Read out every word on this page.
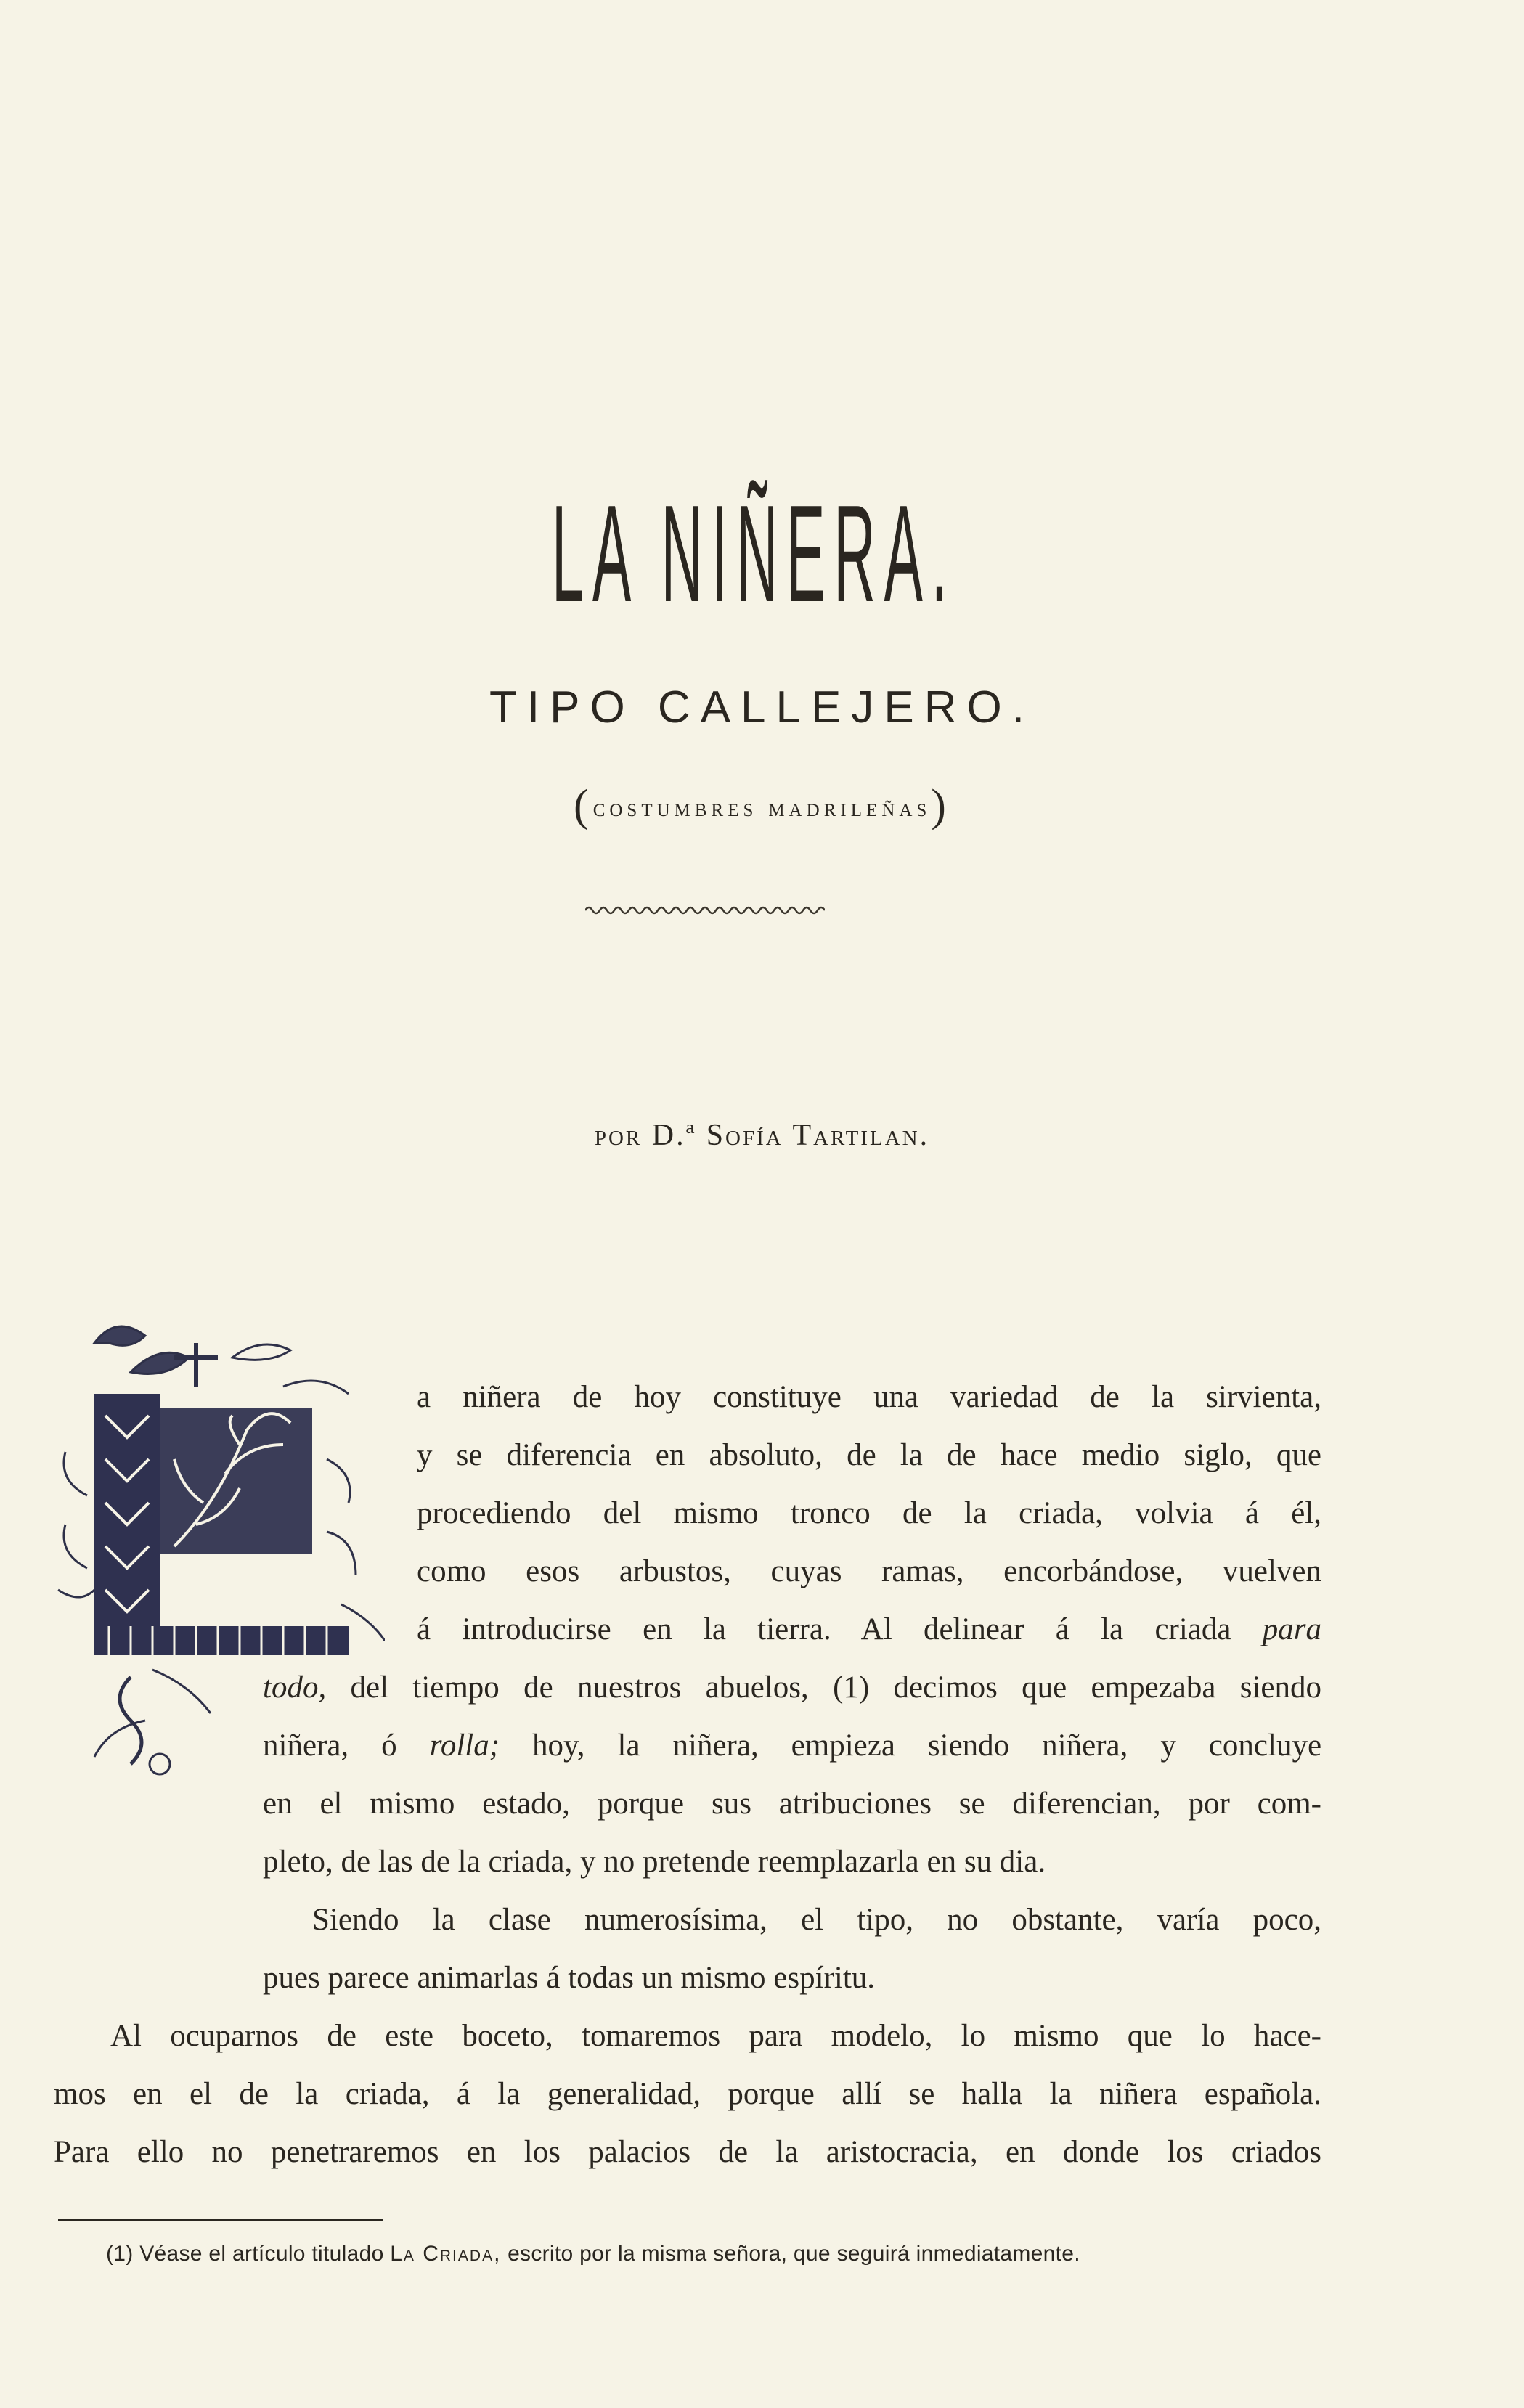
LA NIÑERA.
TIPO CALLEJERO.
(costumbres madrileñas)
por D.ª Sofía Tartilan.
a niñera de hoy constituye una variedad de la sirvienta,
y se diferencia en absoluto, de la de hace medio siglo, que
procediendo del mismo tronco de la criada, volvia á él,
como esos arbustos, cuyas ramas, encorbándose, vuelven
á introducirse en la tierra. Al delinear á la criada para
todo, del tiempo de nuestros abuelos, (1) decimos que empezaba siendo
niñera, ó rolla; hoy, la niñera, empieza siendo niñera, y concluye
en el mismo estado, porque sus atribuciones se diferencian, por com-
pleto, de las de la criada, y no pretende reemplazarla en su dia.
Siendo la clase numerosísima, el tipo, no obstante, varía poco,
pues parece animarlas á todas un mismo espíritu.
Al ocuparnos de este boceto, tomaremos para modelo, lo mismo que lo hace-
mos en el de la criada, á la generalidad, porque allí se halla la niñera española.
Para ello no penetraremos en los palacios de la aristocracia, en donde los criados
(1) Véase el artículo titulado La Criada, escrito por la misma señora, que seguirá inmediatamente.
